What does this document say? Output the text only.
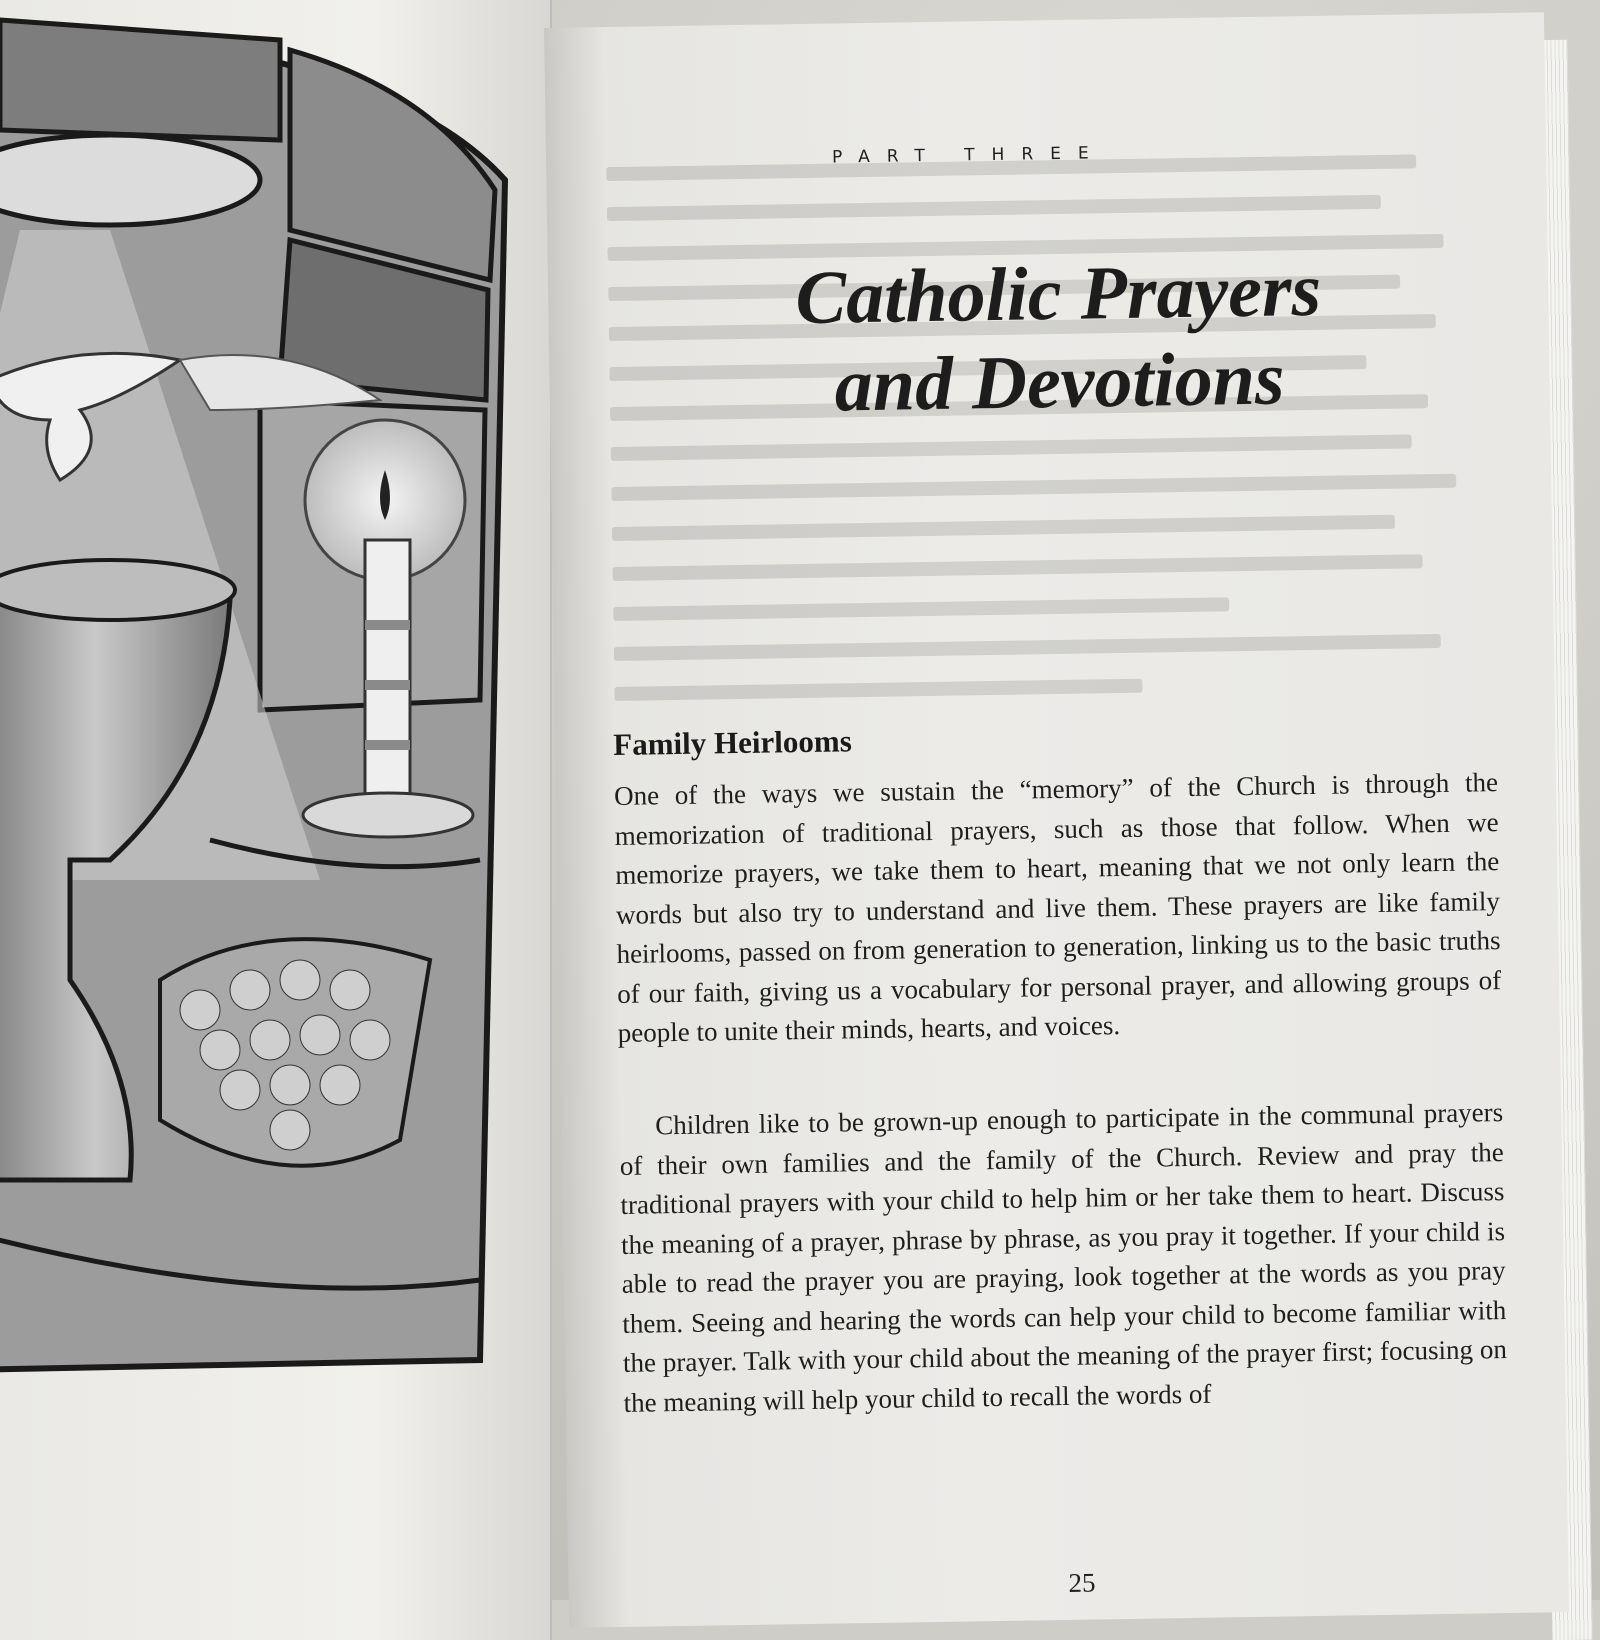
PART THREE
Catholic Prayers
and Devotions
Family Heirlooms

One of the ways we sustain the “memory” of the Church is through the memorization of traditional prayers, such as those that follow. When we memorize prayers, we take them to heart, meaning that we not only learn the words but also try to understand and live them. These prayers are like family heirlooms, passed on from generation to generation, linking us to the basic truths of our faith, giving us a vocabulary for personal prayer, and allowing groups of people to unite their minds, hearts, and voices.

Children like to be grown-up enough to participate in the communal prayers of their own families and the family of the Church. Review and pray the traditional prayers with your child to help him or her take them to heart. Discuss the meaning of a prayer, phrase by phrase, as you pray it together. If your child is able to read the prayer you are praying, look together at the words as you pray them. Seeing and hearing the words can help your child to become familiar with the prayer. Talk with your child about the meaning of the prayer first; focusing on the meaning will help your child to recall the words of

25
